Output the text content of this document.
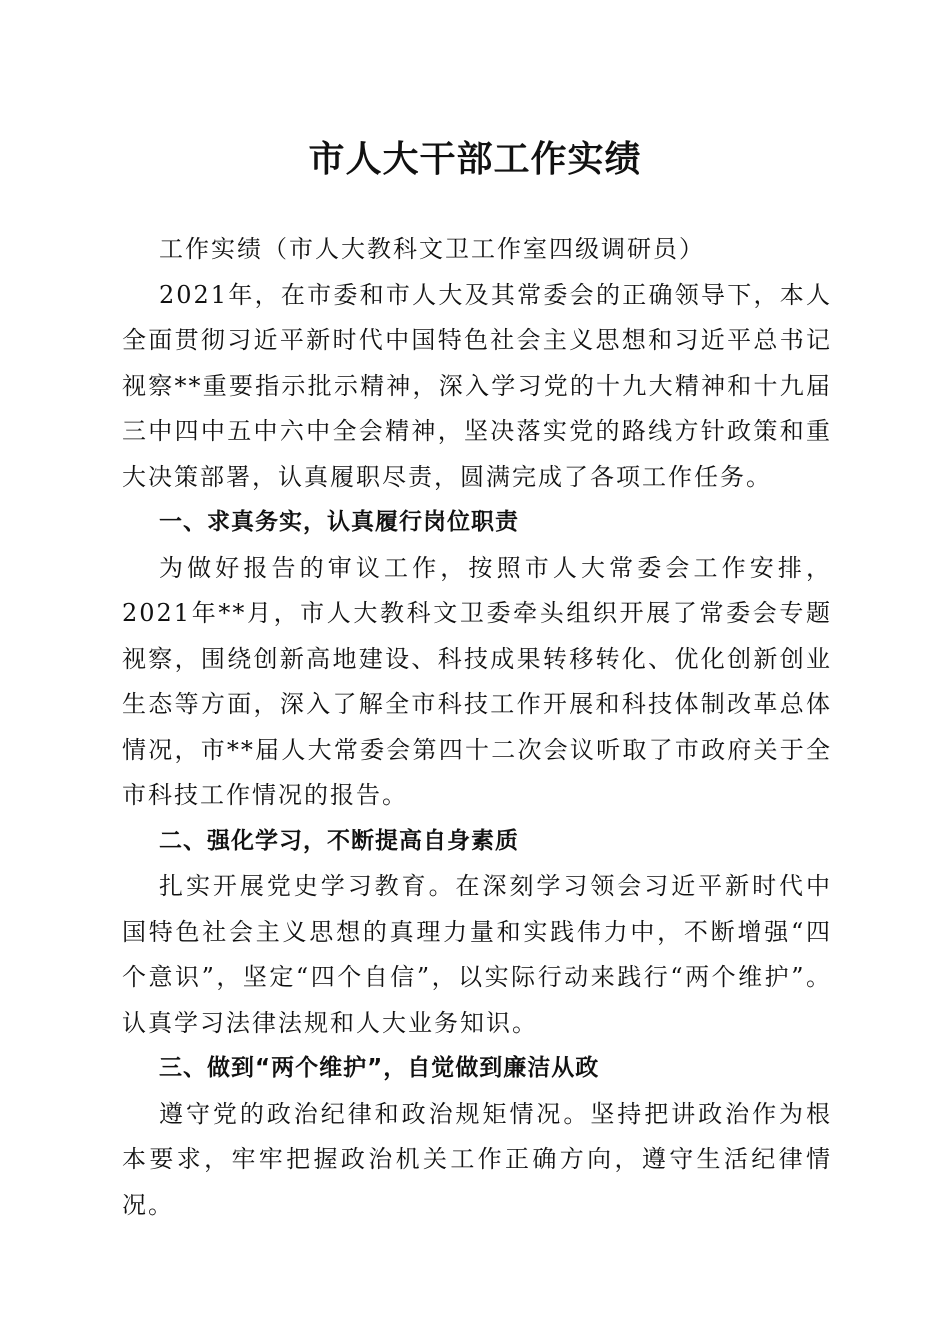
市人大干部工作实绩

工作实绩（市人大教科文卫工作室四级调研员）

2021年，在市委和市人大及其常委会的正确领导下，本人全面贯彻习近平新时代中国特色社会主义思想和习近平总书记视察**重要指示批示精神，深入学习党的十九大精神和十九届三中四中五中六中全会精神，坚决落实党的路线方针政策和重大决策部署，认真履职尽责，圆满完成了各项工作任务。

一、求真务实，认真履行岗位职责

为做好报告的审议工作，按照市人大常委会工作安排，2021年**月，市人大教科文卫委牵头组织开展了常委会专题视察，围绕创新高地建设、科技成果转移转化、优化创新创业生态等方面，深入了解全市科技工作开展和科技体制改革总体情况，市**届人大常委会第四十二次会议听取了市政府关于全市科技工作情况的报告。

二、强化学习，不断提高自身素质

扎实开展党史学习教育。在深刻学习领会习近平新时代中国特色社会主义思想的真理力量和实践伟力中，不断增强“四个意识”，坚定“四个自信”，以实际行动来践行“两个维护”。认真学习法律法规和人大业务知识。

三、做到“两个维护”，自觉做到廉洁从政

遵守党的政治纪律和政治规矩情况。坚持把讲政治作为根本要求，牢牢把握政治机关工作正确方向，遵守生活纪律情况。
